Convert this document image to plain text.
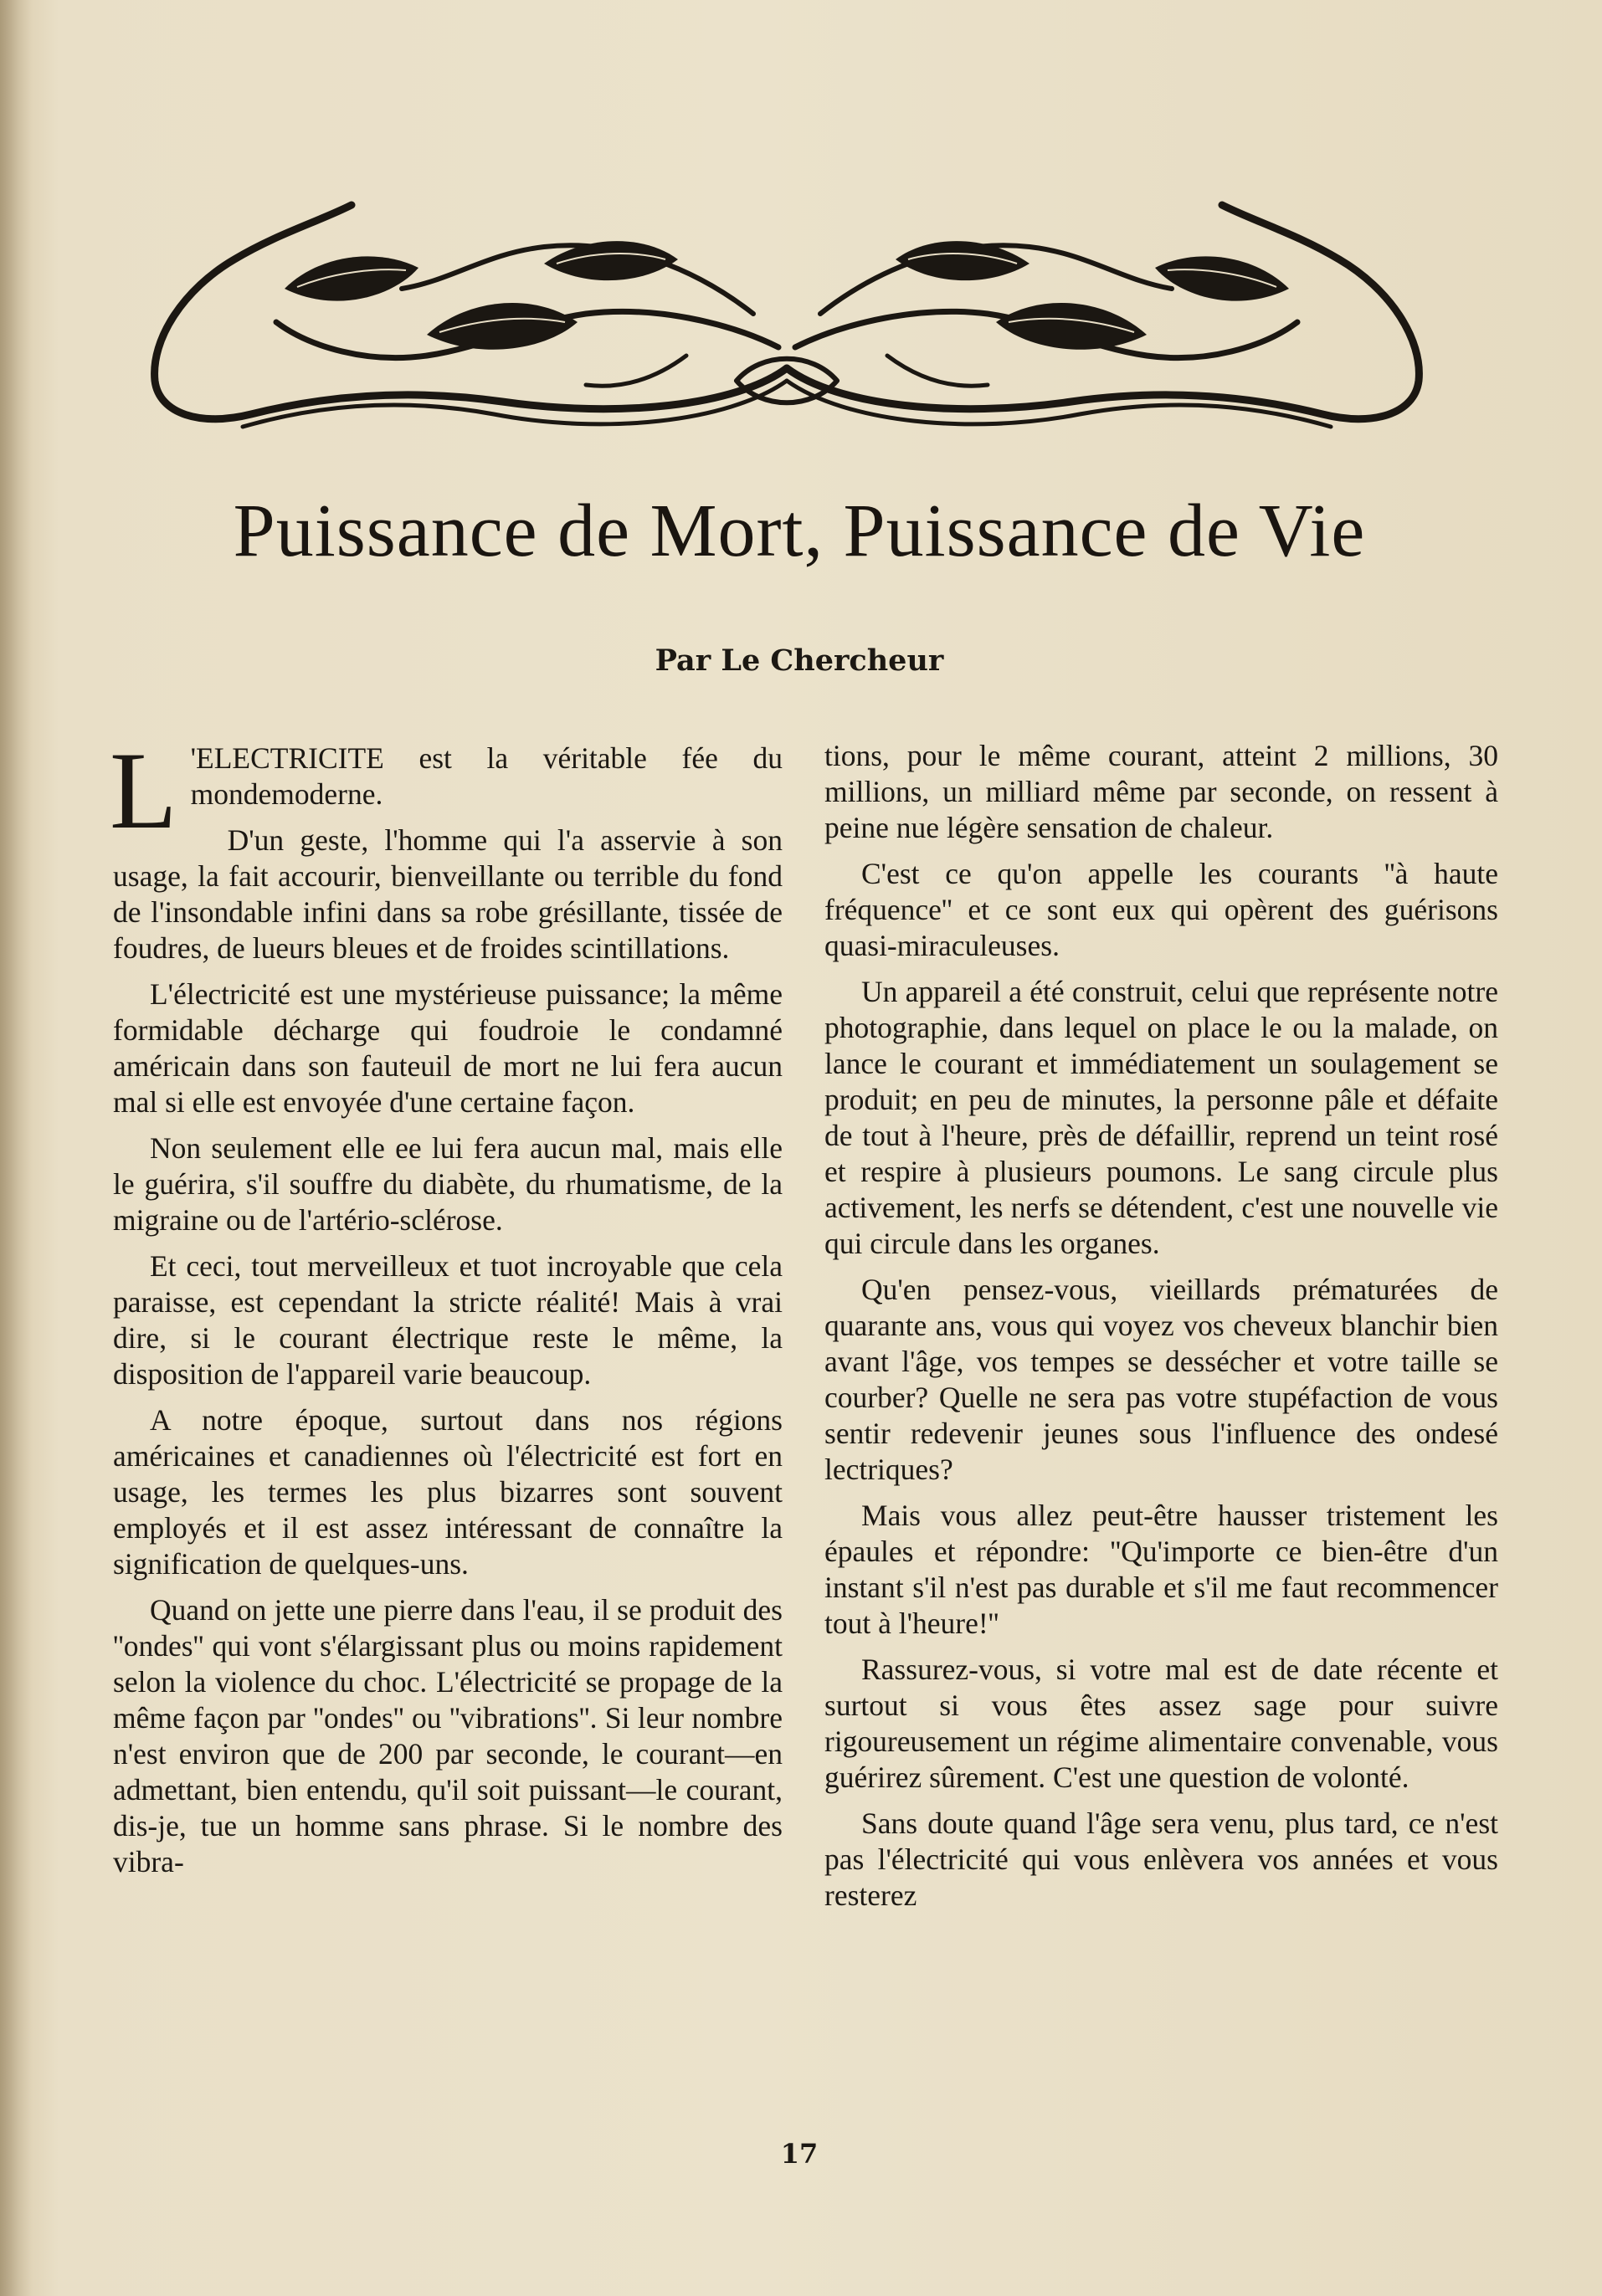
Puissance de Mort, Puissance de Vie
Par Le Chercheur

L 'ELECTRICITE est la véritable fée du mondemoderne.

D'un geste, l'homme qui l'a asservie à son usage, la fait accourir, bienveillante ou terrible du fond de l'insondable infini dans sa robe grésillante, tissée de foudres, de lueurs bleues et de froides scintillations.

L'électricité est une mystérieuse puissance; la même formidable décharge qui foudroie le condamné américain dans son fauteuil de mort ne lui fera aucun mal si elle est envoyée d'une certaine façon.

Non seulement elle ee lui fera aucun mal, mais elle le guérira, s'il souffre du diabète, du rhumatisme, de la migraine ou de l'artério-sclérose.

Et ceci, tout merveilleux et tuot incroyable que cela paraisse, est cependant la stricte réalité! Mais à vrai dire, si le courant électrique reste le même, la disposition de l'appareil varie beaucoup.

A notre époque, surtout dans nos régions américaines et canadiennes où l'électricité est fort en usage, les termes les plus bizarres sont souvent employés et il est assez intéressant de connaître la signification de quelques-uns.

Quand on jette une pierre dans l'eau, il se produit des ''ondes'' qui vont s'élargissant plus ou moins rapidement selon la violence du choc. L'électricité se propage de la même façon par ''ondes'' ou ''vibrations''. Si leur nombre n'est environ que de 200 par seconde, le courant—en admettant, bien entendu, qu'il soit puissant—le courant, dis-je, tue un homme sans phrase. Si le nombre des vibra-

tions, pour le même courant, atteint 2 millions, 30 millions, un milliard même par seconde, on ressent à peine nue légère sensation de chaleur.

C'est ce qu'on appelle les courants ''à haute fréquence'' et ce sont eux qui opèrent des guérisons quasi-miraculeuses.

Un appareil a été construit, celui que représente notre photographie, dans lequel on place le ou la malade, on lance le courant et immédiatement un soulagement se produit; en peu de minutes, la personne pâle et défaite de tout à l'heure, près de défaillir, reprend un teint rosé et respire à plusieurs poumons. Le sang circule plus activement, les nerfs se détendent, c'est une nouvelle vie qui circule dans les organes.

Qu'en pensez-vous, vieillards prématurées de quarante ans, vous qui voyez vos cheveux blanchir bien avant l'âge, vos tempes se dessécher et votre taille se courber? Quelle ne sera pas votre stupéfaction de vous sentir redevenir jeunes sous l'influence des ondesé lectriques?

Mais vous allez peut-être hausser tristement les épaules et répondre: ''Qu'importe ce bien-être d'un instant s'il n'est pas durable et s'il me faut recommencer tout à l'heure!''

Rassurez-vous, si votre mal est de date récente et surtout si vous êtes assez sage pour suivre rigoureusement un régime alimentaire convenable, vous guérirez sûrement. C'est une question de volonté.

Sans doute quand l'âge sera venu, plus tard, ce n'est pas l'électricité qui vous enlèvera vos années et vous resterez

17
